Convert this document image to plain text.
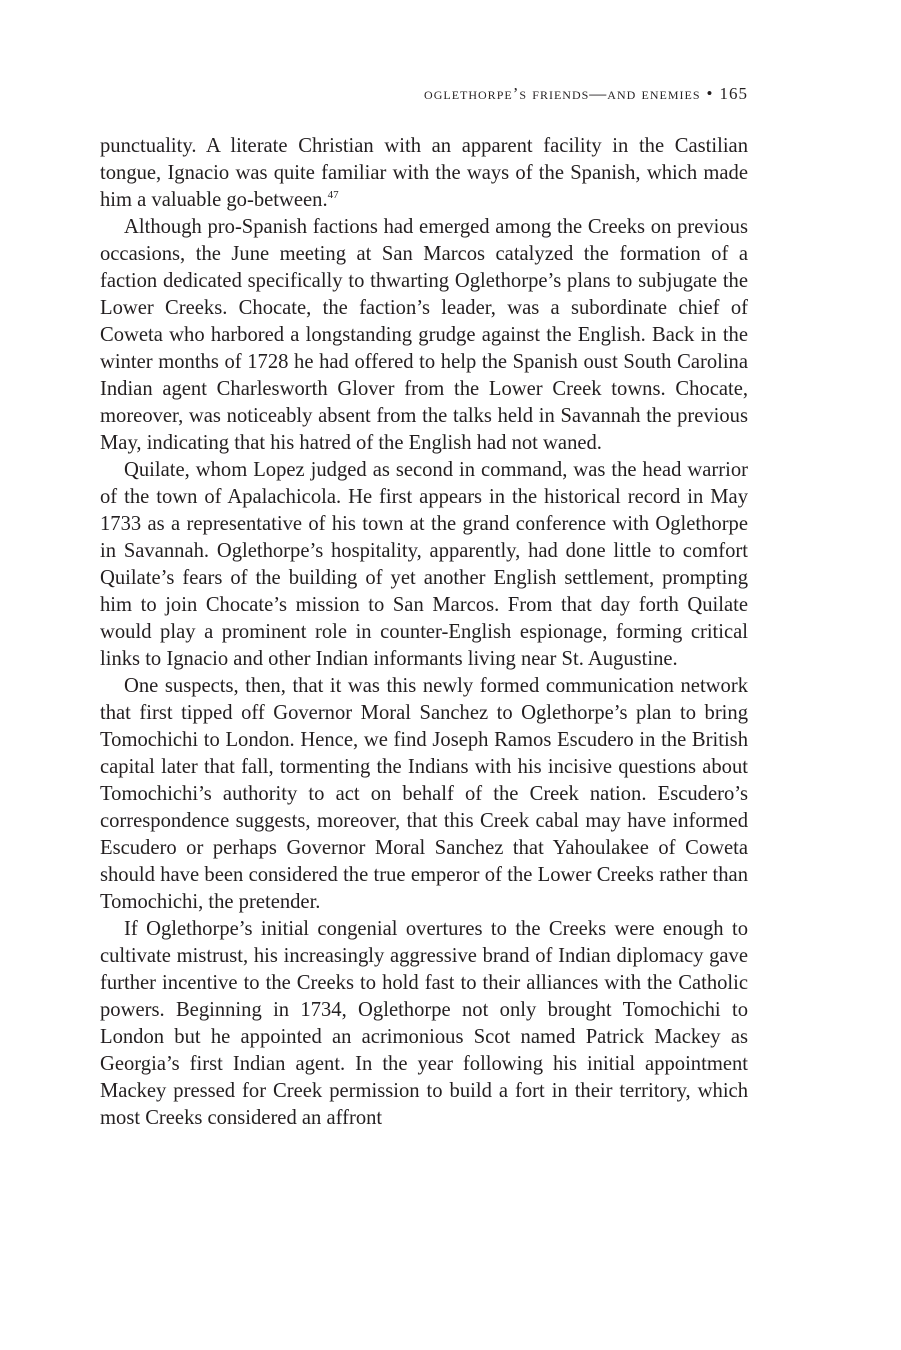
oglethorpe’s friends—and enemies • 165

punctuality. A literate Christian with an apparent facility in the Castilian tongue, Ignacio was quite familiar with the ways of the Spanish, which made him a valuable go-between.$^{47}$

Although pro-Spanish factions had emerged among the Creeks on previous occasions, the June meeting at San Marcos catalyzed the formation of a faction dedicated specifically to thwarting Oglethorpe’s plans to subjugate the Lower Creeks. Chocate, the faction’s leader, was a subordinate chief of Coweta who harbored a longstanding grudge against the English. Back in the winter months of 1728 he had offered to help the Spanish oust South Carolina Indian agent Charlesworth Glover from the Lower Creek towns. Chocate, moreover, was noticeably absent from the talks held in Savannah the previous May, indicating that his hatred of the English had not waned.

Quilate, whom Lopez judged as second in command, was the head warrior of the town of Apalachicola. He first appears in the historical record in May 1733 as a representative of his town at the grand conference with Oglethorpe in Savannah. Oglethorpe’s hospitality, apparently, had done little to comfort Quilate’s fears of the building of yet another English settlement, prompting him to join Chocate’s mission to San Marcos. From that day forth Quilate would play a prominent role in counter-English espionage, forming critical links to Ignacio and other Indian informants living near St. Augustine.

One suspects, then, that it was this newly formed communication network that first tipped off Governor Moral Sanchez to Oglethorpe’s plan to bring Tomochichi to London. Hence, we find Joseph Ramos Escudero in the British capital later that fall, tormenting the Indians with his incisive questions about Tomochichi’s authority to act on behalf of the Creek nation. Escudero’s correspondence suggests, moreover, that this Creek cabal may have informed Escudero or perhaps Governor Moral Sanchez that Yahoulakee of Coweta should have been considered the true emperor of the Lower Creeks rather than Tomochichi, the pretender.

If Oglethorpe’s initial congenial overtures to the Creeks were enough to cultivate mistrust, his increasingly aggressive brand of Indian diplomacy gave further incentive to the Creeks to hold fast to their alliances with the Catholic powers. Beginning in 1734, Oglethorpe not only brought Tomochichi to London but he appointed an acrimonious Scot named Patrick Mackey as Georgia’s first Indian agent. In the year following his initial appointment Mackey pressed for Creek permission to build a fort in their territory, which most Creeks considered an affront
